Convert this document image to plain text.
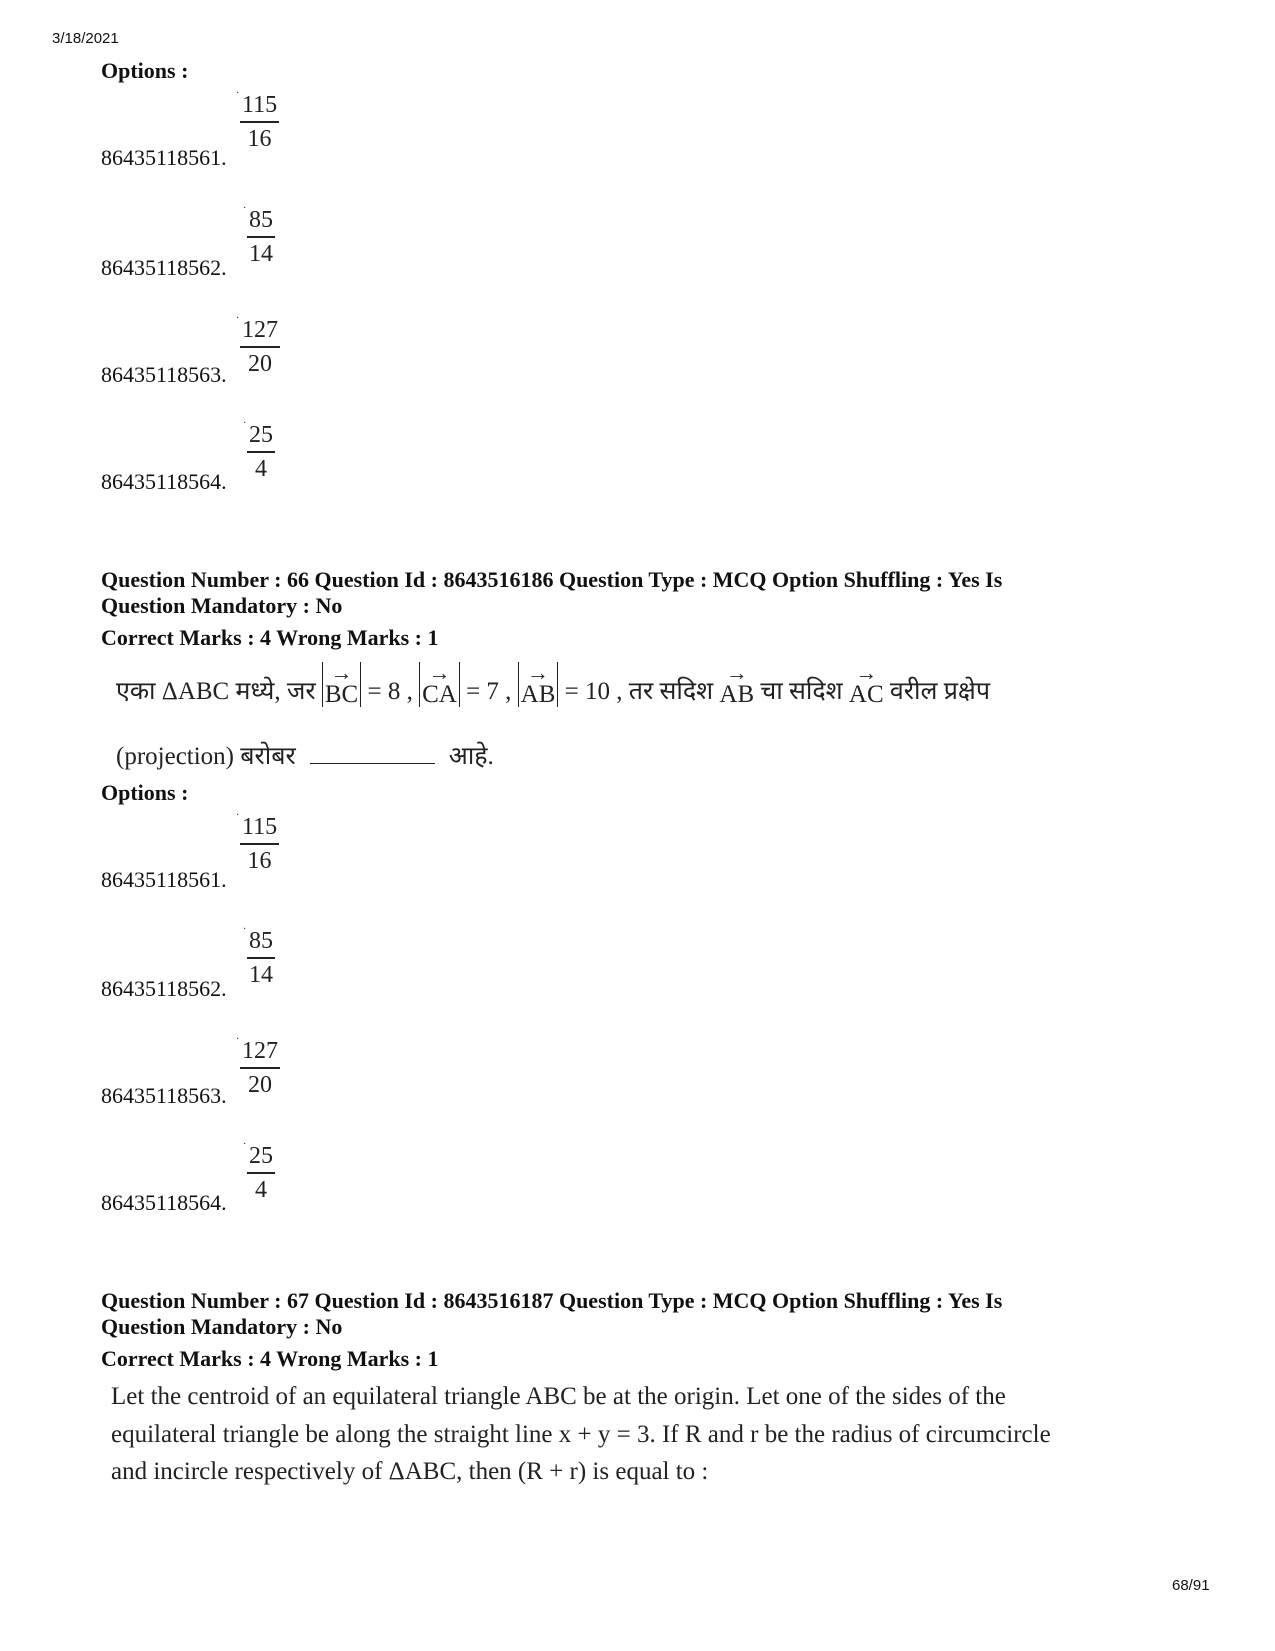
3/18/2021
Options :
86435118561.
· 115
16
86435118562.
· 85
14
86435118563.
· 127
20
86435118564.
· 25
4
Question Number : 66 Question Id : 8643516186 Question Type : MCQ Option Shuffling : Yes Is
Question Mandatory : No
Correct Marks : 4 Wrong Marks : 1
एका ΔABC मध्ये, जर
→
BC = 8 ,
→
CA = 7 ,
→
AB = 10 , तर सदिश
→
AB चा सदिश
→
AC वरील प्रक्षेप
(projection) बरोबर	आहे.
Options :
86435118561.
· 115
16
86435118562.
· 85
14
86435118563.
· 127
20
86435118564.
· 25
4
Question Number : 67 Question Id : 8643516187 Question Type : MCQ Option Shuffling : Yes Is
Question Mandatory : No
Correct Marks : 4 Wrong Marks : 1
Let the centroid of an equilateral triangle ABC be at the origin. Let one of the sides of the
equilateral triangle be along the straight line x + y = 3. If R and r be the radius of circumcircle
and incircle respectively of ΔABC, then (R + r) is equal to :
68/91
